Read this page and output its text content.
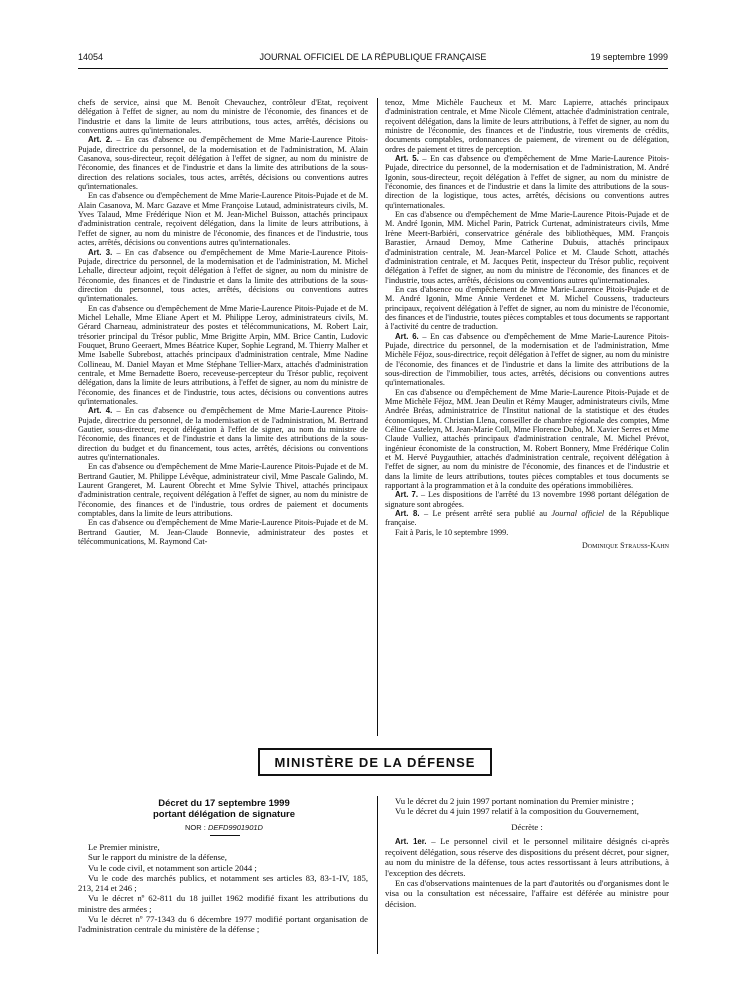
14054	JOURNAL OFFICIEL DE LA RÉPUBLIQUE FRANÇAISE	19 septembre 1999

chefs de service, ainsi que M. Benoît Chevauchez, contrôleur d'Etat, reçoivent délégation à l'effet de signer, au nom du ministre de l'économie, des finances et de l'industrie et dans la limite de leurs attributions, tous actes, arrêtés, décisions ou conventions autres qu'internationales.

Art. 2. – En cas d'absence ou d'empêchement de Mme Marie-Laurence Pitois-Pujade, directrice du personnel, de la modernisation et de l'administration, M. Alain Casanova, sous-directeur, reçoit délégation à l'effet de signer, au nom du ministre de l'économie, des finances et de l'industrie et dans la limite des attributions de la sous-direction des relations sociales, tous actes, arrêtés, décisions ou conventions autres qu'internationales.

En cas d'absence ou d'empêchement de Mme Marie-Laurence Pitois-Pujade et de M. Alain Casanova, M. Marc Gazave et Mme Françoise Lutaud, administrateurs civils, M. Yves Talaud, Mme Frédérique Nion et M. Jean-Michel Buisson, attachés principaux d'administration centrale, reçoivent délégation, dans la limite de leurs attributions, à l'effet de signer, au nom du ministre de l'économie, des finances et de l'industrie, tous actes, arrêtés, décisions ou conventions autres qu'internationales.

Art. 3. – En cas d'absence ou d'empêchement de Mme Marie-Laurence Pitois-Pujade, directrice du personnel, de la modernisation et de l'administration, M. Michel Lehalle, directeur adjoint, reçoit délégation à l'effet de signer, au nom du ministre de l'économie, des finances et de l'industrie et dans la limite des attributions de la sous-direction du personnel, tous actes, arrêtés, décisions ou conventions autres qu'internationales.

En cas d'absence ou d'empêchement de Mme Marie-Laurence Pitois-Pujade et de M. Michel Lehalle, Mme Eliane Apert et M. Philippe Leroy, administrateurs civils, M. Gérard Charneau, administrateur des postes et télécommunications, M. Robert Lair, trésorier principal du Trésor public, Mme Brigitte Arpin, MM. Brice Cantin, Ludovic Fouquet, Bruno Geeraert, Mmes Béatrice Kuper, Sophie Legrand, M. Thierry Malher et Mme Isabelle Subrebost, attachés principaux d'administration centrale, Mme Nadine Collineau, M. Daniel Mayan et Mme Stéphane Tellier-Marx, attachés d'administration centrale, et Mme Bernadette Boero, receveuse-percepteur du Trésor public, reçoivent délégation, dans la limite de leurs attributions, à l'effet de signer, au nom du ministre de l'économie, des finances et de l'industrie, tous actes, décisions ou conventions autres qu'internationales.

Art. 4. – En cas d'absence ou d'empêchement de Mme Marie-Laurence Pitois-Pujade, directrice du personnel, de la modernisation et de l'administration, M. Bertrand Gautier, sous-directeur, reçoit délégation à l'effet de signer, au nom du ministre de l'économie, des finances et de l'industrie et dans la limite des attributions de la sous-direction du budget et du financement, tous actes, arrêtés, décisions ou conventions autres qu'internationales.

En cas d'absence ou d'empêchement de Mme Marie-Laurence Pitois-Pujade et de M. Bertrand Gautier, M. Philippe Lévêque, administrateur civil, Mme Pascale Galindo, M. Laurent Grangeret, M. Laurent Obrecht et Mme Sylvie Thivel, attachés principaux d'administration centrale, reçoivent délégation à l'effet de signer, au nom du ministre de l'économie, des finances et de l'industrie, tous ordres de paiement et documents comptables, dans la limite de leurs attributions.

En cas d'absence ou d'empêchement de Mme Marie-Laurence Pitois-Pujade et de M. Bertrand Gautier, M. Jean-Claude Bonnevie, administrateur des postes et télécommunications, M. Raymond Cat-

tenoz, Mme Michèle Faucheux et M. Marc Lapierre, attachés principaux d'administration centrale, et Mme Nicole Clément, attachée d'administration centrale, reçoivent délégation, dans la limite de leurs attributions, à l'effet de signer, au nom du ministre de l'économie, des finances et de l'industrie, tous virements de crédits, documents comptables, ordonnances de paiement, de virement ou de délégation, ordres de paiement et titres de perception.

Art. 5. – En cas d'absence ou d'empêchement de Mme Marie-Laurence Pitois-Pujade, directrice du personnel, de la modernisation et de l'administration, M. André Igonin, sous-directeur, reçoit délégation à l'effet de signer, au nom du ministre de l'économie, des finances et de l'industrie et dans la limite des attributions de la sous-direction de la logistique, tous actes, arrêtés, décisions ou conventions autres qu'internationales.

En cas d'absence ou d'empêchement de Mme Marie-Laurence Pitois-Pujade et de M. André Igonin, MM. Michel Parin, Patrick Curtenat, administrateurs civils, Mme Irène Meert-Barbiéri, conservatrice générale des bibliothèques, MM. François Barastier, Arnaud Demoy, Mme Catherine Dubuis, attachés principaux d'administration centrale, M. Jean-Marcel Police et M. Claude Schott, attachés d'administration centrale, et M. Jacques Petit, inspecteur du Trésor public, reçoivent délégation à l'effet de signer, au nom du ministre de l'économie, des finances et de l'industrie, tous actes, arrêtés, décisions ou conventions autres qu'internationales.

En cas d'absence ou d'empêchement de Mme Marie-Laurence Pitois-Pujade et de M. André Igonin, Mme Annie Verdenet et M. Michel Coussens, traducteurs principaux, reçoivent délégation à l'effet de signer, au nom du ministre de l'économie, des finances et de l'industrie, toutes pièces comptables et tous documents se rapportant à l'activité du centre de traduction.

Art. 6. – En cas d'absence ou d'empêchement de Mme Marie-Laurence Pitois-Pujade, directrice du personnel, de la modernisation et de l'administration, Mme Michèle Féjoz, sous-directrice, reçoit délégation à l'effet de signer, au nom du ministre de l'économie, des finances et de l'industrie et dans la limite des attributions de la sous-direction de l'immobilier, tous actes, arrêtés, décisions ou conventions autres qu'internationales.

En cas d'absence ou d'empêchement de Mme Marie-Laurence Pitois-Pujade et de Mme Michèle Féjoz, MM. Jean Deulin et Rémy Mauger, administrateurs civils, Mme Andrée Bréas, administratrice de l'Institut national de la statistique et des études économiques, M. Christian Llena, conseiller de chambre régionale des comptes, Mme Céline Casteleyn, M. Jean-Marie Coll, Mme Florence Dubo, M. Xavier Serres et Mme Claude Vulliez, attachés principaux d'administration centrale, M. Michel Prévot, ingénieur économiste de la construction, M. Robert Bonnery, Mme Frédérique Colin et M. Hervé Puygauthier, attachés d'administration centrale, reçoivent délégation à l'effet de signer, au nom du ministre de l'économie, des finances et de l'industrie et dans la limite de leurs attributions, toutes pièces comptables et tous documents se rapportant à la programmation et à la conduite des opérations immobilières.

Art. 7. – Les dispositions de l'arrêté du 13 novembre 1998 portant délégation de signature sont abrogées.

Art. 8. – Le présent arrêté sera publié au Journal officiel de la République française.

Fait à Paris, le 10 septembre 1999.

Dominique Strauss-Kahn

MINISTÈRE DE LA DÉFENSE
Décret du 17 septembre 1999
portant délégation de signature
NOR : DEFD9901901D

Le Premier ministre,

Sur le rapport du ministre de la défense,

Vu le code civil, et notamment son article 2044 ;

Vu le code des marchés publics, et notamment ses articles 83, 83-1-IV, 185, 213, 214 et 246 ;

Vu le décret nº 62-811 du 18 juillet 1962 modifié fixant les attributions du ministre des armées ;

Vu le décret nº 77-1343 du 6 décembre 1977 modifié portant organisation de l'administration centrale du ministère de la défense ;

Vu le décret du 2 juin 1997 portant nomination du Premier ministre ;

Vu le décret du 4 juin 1997 relatif à la composition du Gouvernement,

Décrète :

Art. 1er. – Le personnel civil et le personnel militaire désignés ci-après reçoivent délégation, sous réserve des dispositions du présent décret, pour signer, au nom du ministre de la défense, tous actes ressortissant à leurs attributions, à l'exception des décrets.

En cas d'observations maintenues de la part d'autorités ou d'organismes dont le visa ou la consultation est nécessaire, l'affaire est déférée au ministre pour décision.
